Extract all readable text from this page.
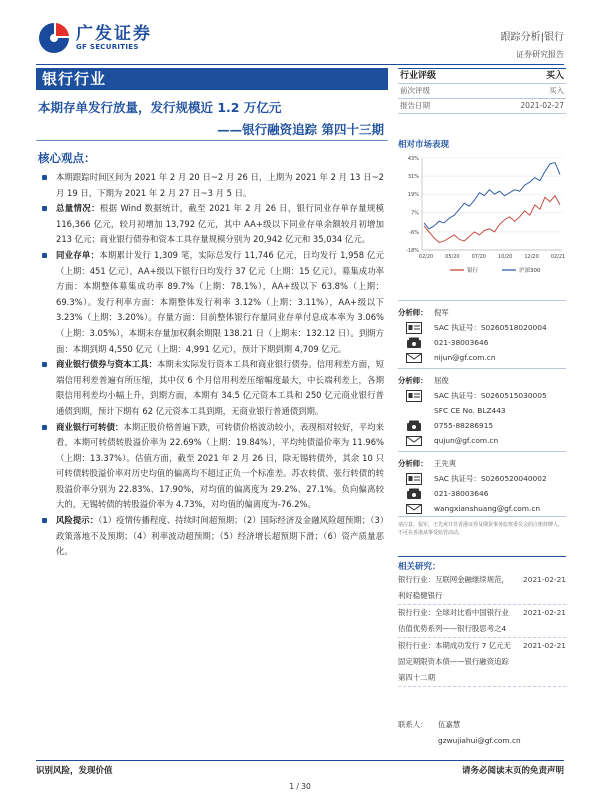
广发证券
GF SECURITIES
跟踪分析|银行
证券研究报告
银行行业
本期存单发行放量，发行规模近 1.2 万亿元
——银行融资追踪 第四十三期
核心观点：
本期跟踪时间区间为 2021 年 2 月 20 日~2 月 26 日，上期为 2021 年 2 月 13 日~2 月 19 日，下期为 2021 年 2 月 27 日~3 月 5 日。
总量情况：根据 Wind 数据统计，截至 2021 年 2 月 26 日，银行同业存单存量规模 116,366 亿元，较月初增加 13,792 亿元，其中 AA+级以下同业存单余额较月初增加 213 亿元；商业银行债券和资本工具存量规模分别为 20,942 亿元和 35,034 亿元。
同业存单：本期累计发行 1,309 笔，实际总发行 11,746 亿元，日均发行 1,958 亿元（上期：451 亿元），AA+级以下银行日均发行 37 亿元（上期：15 亿元）。募集成功率方面：本期整体募集成功率 89.7%（上期：78.1%），AA+级以下 63.8%（上期：69.3%）。发行利率方面：本期整体发行利率 3.12%（上期：3.11%），AA+级以下 3.23%（上期：3.20%）。存量方面：目前整体银行存量同业存单付息成本率为 3.06%（上期：3.05%），本期末存量加权剩余期限 138.21 日（上期末：132.12 日）。到期方面：本期到期 4,550 亿元（上期：4,991 亿元），预计下期到期 4,709 亿元。
商业银行债券与资本工具：本期未实际发行资本工具和商业银行债券。信用利差方面，短端信用利差普遍有所压缩，其中仅 6 个月信用利差压缩幅度最大，中长端利差上，各期限信用利差均小幅上升，到期方面，本期有 34.5 亿元资本工具和 250 亿元商业银行普通债到期，预计下期有 62 亿元资本工具到期，无商业银行普通债到期。
商业银行可转债：本期正股价格普遍下跌，可转债价格波动较小，表现相对较好，平均来看，本期可转债转股溢价率为 22.69%（上期：19.84%），平均纯债溢价率为 11.96%（上期：13.37%）。估值方面，截至 2021 年 2 月 26 日，除无锡转债外，其余 10 只可转债转股溢价率对历史均值的偏离均不超过正负一个标准差。苏农转债、张行转债的转股溢价率分别为 22.83%、17.90%，对均值的偏离度为 29.2%、27.1%。负向偏离较大的，无锡转债的转股溢价率为 4.73%，对均值的偏离度为-76.2%。
风险提示：（1）疫情传播程度、持续时间超预期；（2）国际经济及金融风险超预期；（3）政策落地不及预期；（4）利率波动超预期；（5）经济增长超预期下滑；（6）资产质量恶化。
行业评级	买入
前次评级	买入
报告日期	2021-02-27
相对市场表现
43%
31%
19%
7%
-6%
-18%
02/20 05/20 07/20 10/20 12/20 02/21
银行	沪深300
分析师： 倪军
SAC 执证号：S0260518020004
021-38003646
nijun@gf.com.cn
分析师： 屈俊
SAC 执证号：S0260515030005
SFC CE No. BLZ443
0755-88286915
qujun@gf.com.cn
分析师： 王先爽
SAC 执证号：S0260520040002
021-38003646
wangxianshuang@gf.com.cn
请注意，倪军，王先爽并非香港证券及期货事务监察委员会的注册持牌人，不可在香港从事受监管活动。
相关研究：
银行行业：互联网金融继续规范，利好稳健银行
2021-02-21
银行行业：全球对比看中国银行业估值优势系列——银行股思考之4
2021-02-21
银行行业：本期成功发行 7 亿元无固定期限资本债——银行融资追踪 第四十二期
2021-02-21
联系人：	伍嘉慧
gzwujiahui@gf.com.cn
识别风险，发现价值	请务必阅读末页的免责声明
1 / 30
